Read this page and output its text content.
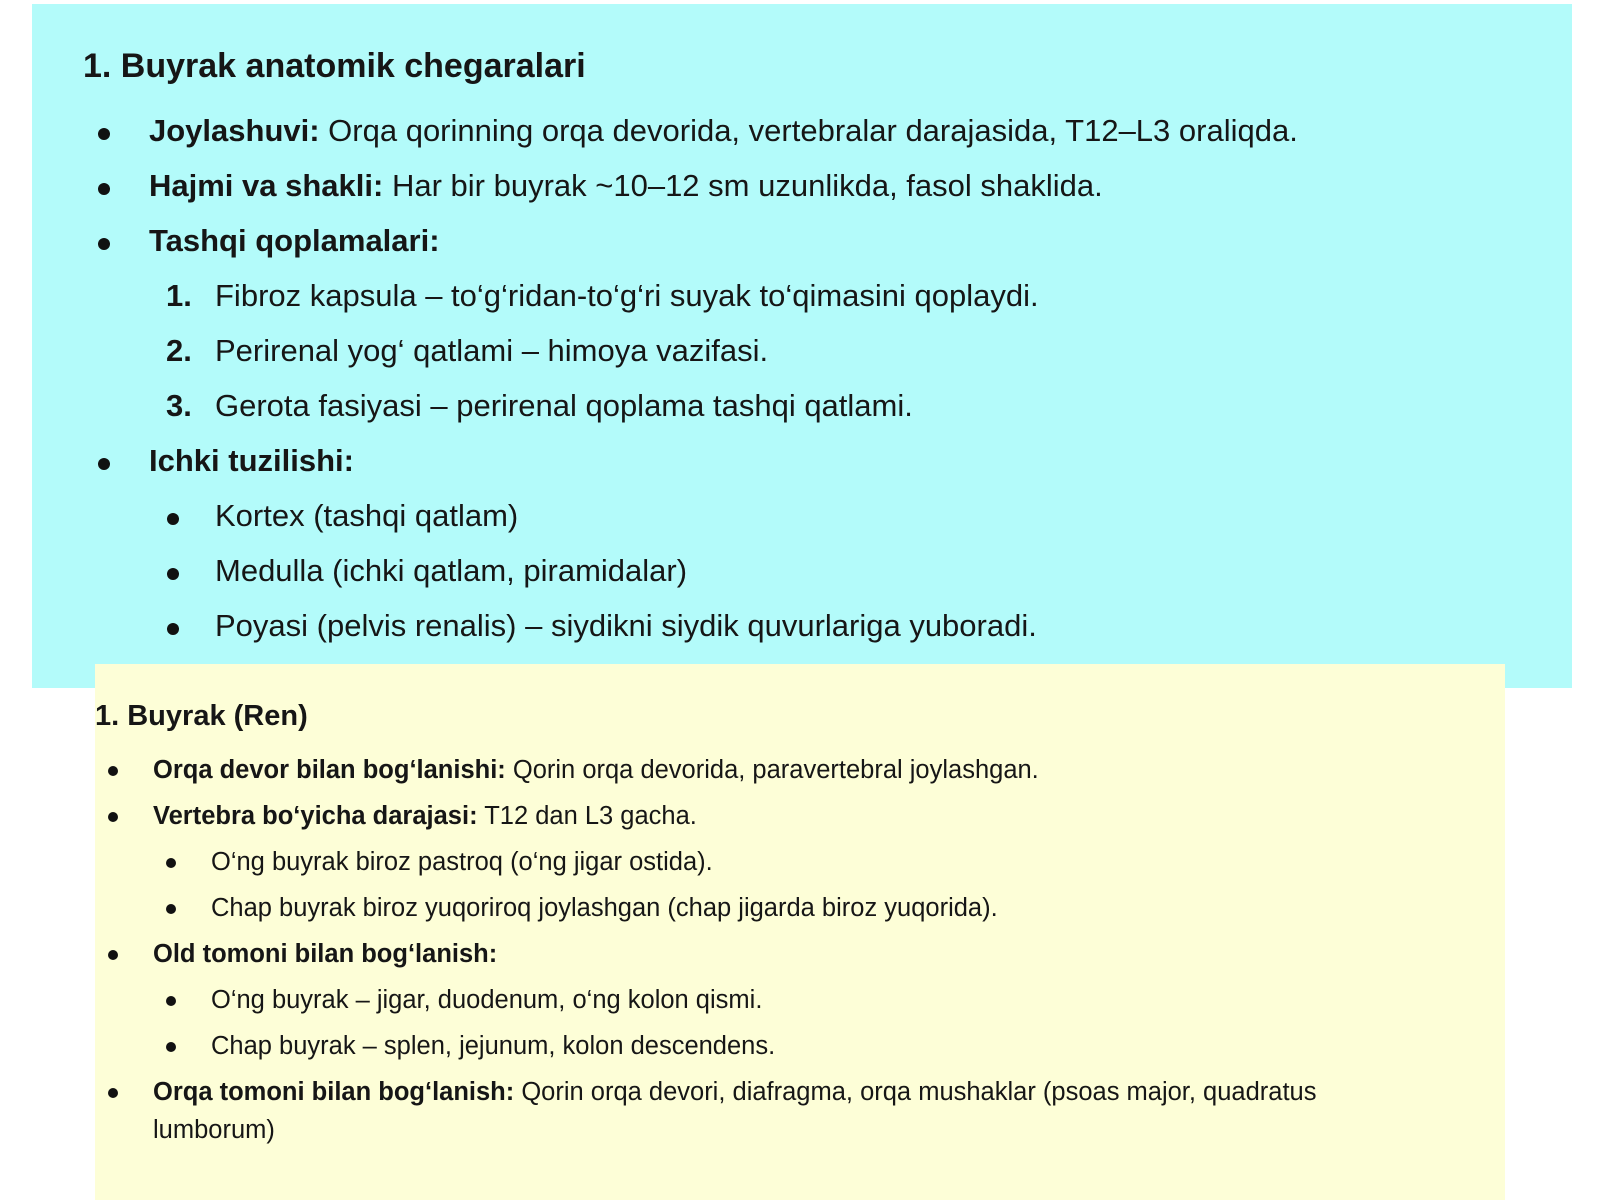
1. Buyrak anatomik chegaralari
Joylashuvi: Orqa qorinning orqa devorida, vertebralar darajasida, T12–L3 oraliqda.
Hajmi va shakli: Har bir buyrak ~10–12 sm uzunlikda, fasol shaklida.
Tashqi qoplamalari:
1. Fibroz kapsula – to‘g‘ridan-to‘g‘ri suyak to‘qimasini qoplaydi.
2. Perirenal yog‘ qatlami – himoya vazifasi.
3. Gerota fasiyasi – perirenal qoplama tashqi qatlami.
Ichki tuzilishi:
Kortex (tashqi qatlam)
Medulla (ichki qatlam, piramidalar)
Poyasi (pelvis renalis) – siydikni siydik quvurlariga yuboradi.
1. Buyrak (Ren)
Orqa devor bilan bog‘lanishi: Qorin orqa devorida, paravertebral joylashgan.
Vertebra bo‘yicha darajasi: T12 dan L3 gacha.
O‘ng buyrak biroz pastroq (o‘ng jigar ostida).
Chap buyrak biroz yuqoriroq joylashgan (chap jigarda biroz yuqorida).
Old tomoni bilan bog‘lanish:
O‘ng buyrak – jigar, duodenum, o‘ng kolon qismi.
Chap buyrak – splen, jejunum, kolon descendens.
Orqa tomoni bilan bog‘lanish: Qorin orqa devori, diafragma, orqa mushaklar (psoas major, quadratus
lumborum)
